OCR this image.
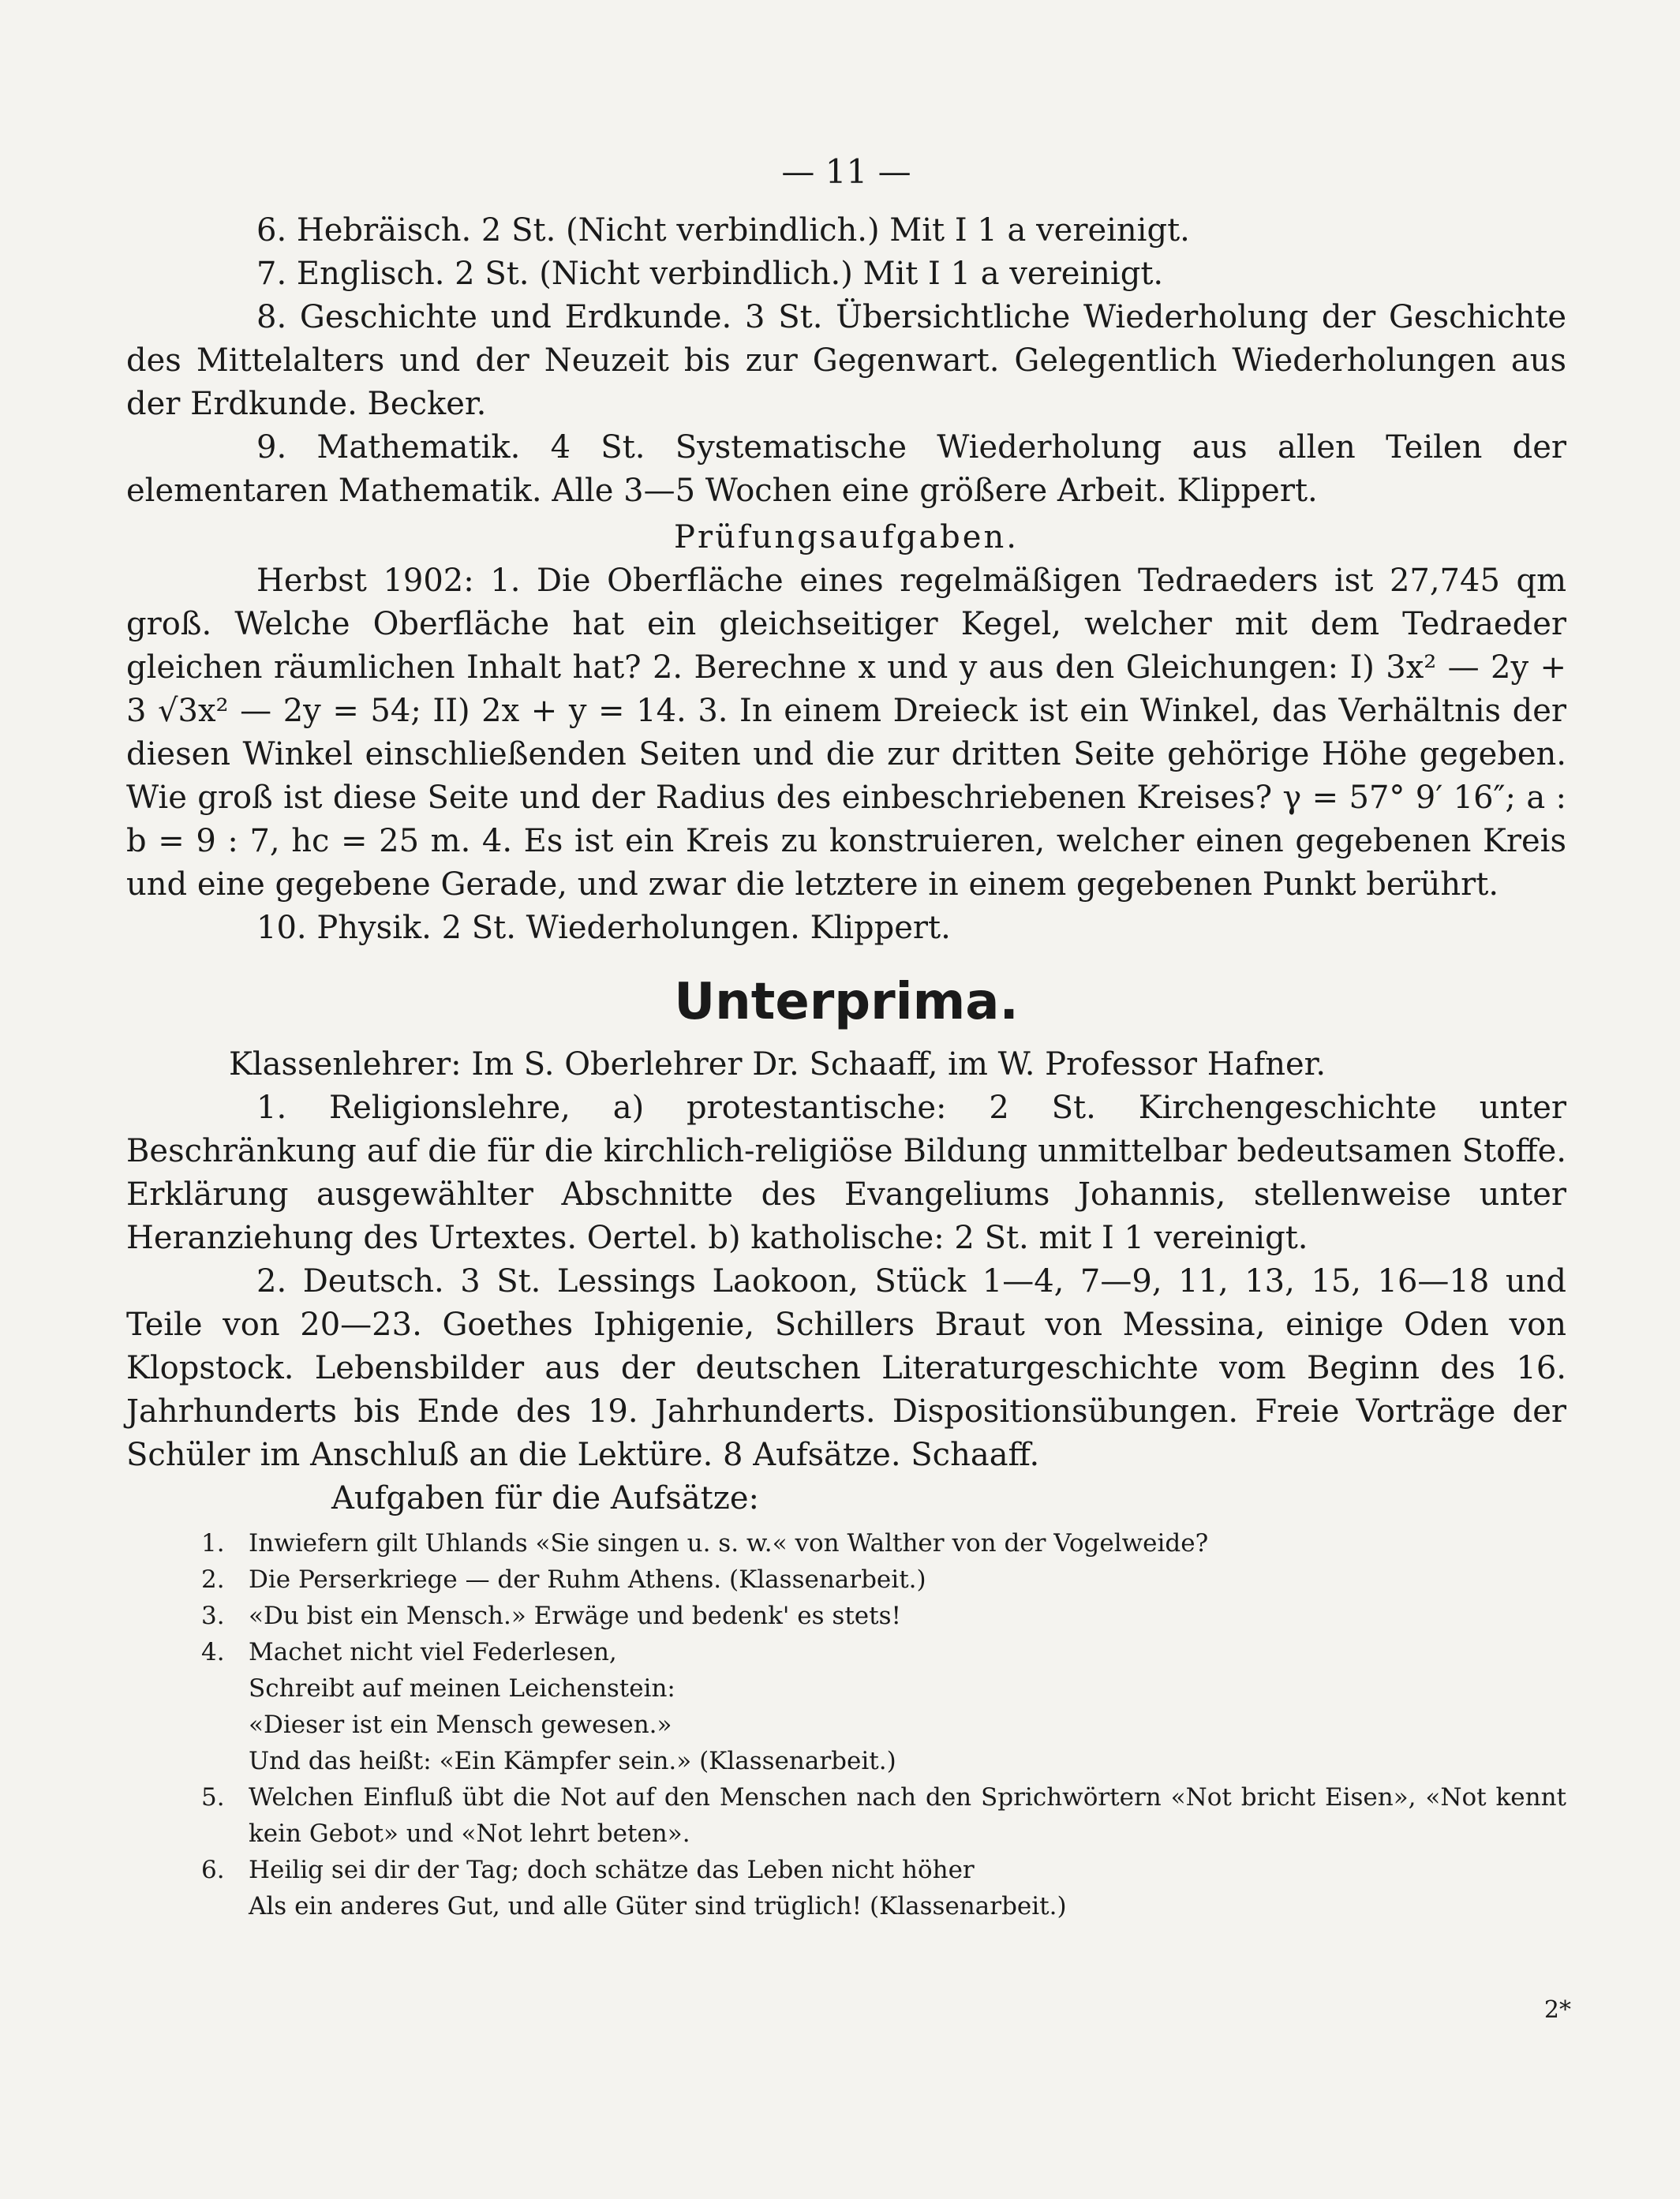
— 11 —

6. Hebräisch. 2 St. (Nicht verbindlich.) Mit I 1 a vereinigt.

7. Englisch. 2 St. (Nicht verbindlich.) Mit I 1 a vereinigt.

8. Geschichte und Erdkunde. 3 St. Übersichtliche Wiederholung der Geschichte des Mittelalters und der Neuzeit bis zur Gegenwart. Gelegentlich Wiederholungen aus der Erdkunde. Becker.

9. Mathematik. 4 St. Systematische Wiederholung aus allen Teilen der elementaren Mathematik. Alle 3—5 Wochen eine größere Arbeit. Klippert.

Prüfungsaufgaben.

Herbst 1902: 1. Die Oberfläche eines regelmäßigen Tedraeders ist 27,745 qm groß. Welche Oberfläche hat ein gleichseitiger Kegel, welcher mit dem Tedraeder gleichen räumlichen Inhalt hat? 2. Berechne x und y aus den Gleichungen: I) 3x² — 2y + 3 √3x² — 2y = 54; II) 2x + y = 14. 3. In einem Dreieck ist ein Winkel, das Verhältnis der diesen Winkel einschließenden Seiten und die zur dritten Seite gehörige Höhe gegeben. Wie groß ist diese Seite und der Radius des einbeschriebenen Kreises? γ = 57° 9′ 16″; a : b = 9 : 7, hc = 25 m. 4. Es ist ein Kreis zu konstruieren, welcher einen gegebenen Kreis und eine gegebene Gerade, und zwar die letztere in einem gegebenen Punkt berührt.

10. Physik. 2 St. Wiederholungen. Klippert.

Unterprima.

Klassenlehrer: Im S. Oberlehrer Dr. Schaaff, im W. Professor Hafner.

1. Religionslehre, a) protestantische: 2 St. Kirchengeschichte unter Beschränkung auf die für die kirchlich-religiöse Bildung unmittelbar bedeutsamen Stoffe. Erklärung ausgewählter Abschnitte des Evangeliums Johannis, stellenweise unter Heranziehung des Urtextes. Oertel. b) katholische: 2 St. mit I 1 vereinigt.

2. Deutsch. 3 St. Lessings Laokoon, Stück 1—4, 7—9, 11, 13, 15, 16—18 und Teile von 20—23. Goethes Iphigenie, Schillers Braut von Messina, einige Oden von Klopstock. Lebensbilder aus der deutschen Literaturgeschichte vom Beginn des 16. Jahrhunderts bis Ende des 19. Jahrhunderts. Dispositionsübungen. Freie Vorträge der Schüler im Anschluß an die Lektüre. 8 Aufsätze. Schaaff.

Aufgaben für die Aufsätze:

1. Inwiefern gilt Uhlands «Sie singen u. s. w.« von Walther von der Vogelweide?
2. Die Perserkriege — der Ruhm Athens. (Klassenarbeit.)
3. «Du bist ein Mensch.» Erwäge und bedenk' es stets!
4. Machet nicht viel Federlesen,
Schreibt auf meinen Leichenstein:
«Dieser ist ein Mensch gewesen.»
Und das heißt: «Ein Kämpfer sein.» (Klassenarbeit.)
5. Welchen Einfluß übt die Not auf den Menschen nach den Sprichwörtern «Not bricht Eisen», «Not kennt kein Gebot» und «Not lehrt beten».
6. Heilig sei dir der Tag; doch schätze das Leben nicht höher
Als ein anderes Gut, und alle Güter sind trüglich! (Klassenarbeit.)
2*
